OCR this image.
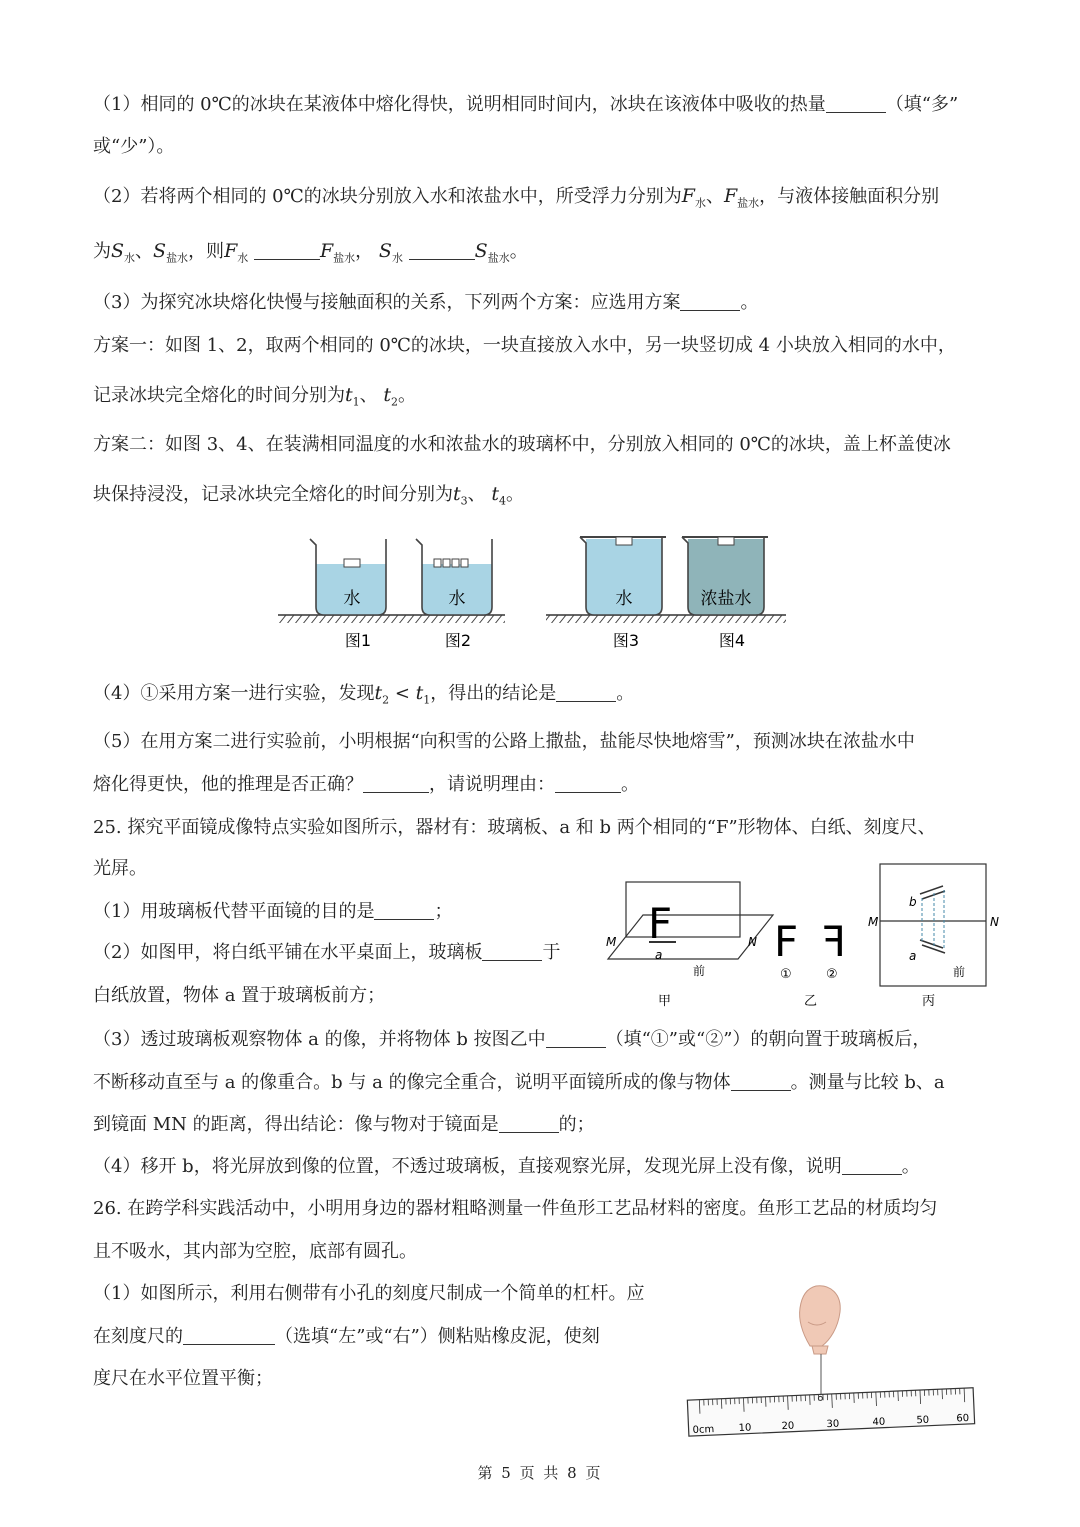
（1）相同的 0℃的冰块在某液体中熔化得快，说明相同时间内，冰块在该液体中吸收的热量	（填“多”
或“少”）。
（2）若将两个相同的 0℃的冰块分别放入水和浓盐水中，所受浮力分别为$F_水$、$F_{盐水}$，与液体接触面积分别
为$S_水$、$S_{盐水}$，则$F_水$	$F_{盐水}$， $S_水$	$S_{盐水}$。
（3）为探究冰块熔化快慢与接触面积的关系，下列两个方案：应选用方案	。
方案一：如图 1、2，取两个相同的 0℃的冰块，一块直接放入水中，另一块竖切成 4 小块放入相同的水中，
记录冰块完全熔化的时间分别为$t_1$、 $t_2$。
方案二：如图 3、4、在装满相同温度的水和浓盐水的玻璃杯中，分别放入相同的 0℃的冰块，盖上杯盖使冰
块保持浸没，记录冰块完全熔化的时间分别为$t_3$、 $t_4$。
水	水	水	浓盐水
图1	图2	图3	图4
（4）①采用方案一进行实验，发现$t_2 < t_1$，得出的结论是	。
（5）在用方案二进行实验前，小明根据“向积雪的公路上撒盐，盐能尽快地熔雪”，预测冰块在浓盐水中
熔化得更快，他的推理是否正确？	，请说明理由：	。
25. 探究平面镜成像特点实验如图所示，器材有：玻璃板、a 和 b 两个相同的“F”形物体、白纸、刻度尺、
光屏。
（1）用玻璃板代替平面镜的目的是	；
（2）如图甲，将白纸平铺在水平桌面上，玻璃板	于
白纸放置，物体 a 置于玻璃板前方；
F
a
M	N
前
甲
F F
①	②
乙
M	N
b
a
前
丙
（3）透过玻璃板观察物体 a 的像，并将物体 b 按图乙中	（填“①”或“②”）的朝向置于玻璃板后，
不断移动直至与 a 的像重合。b 与 a 的像完全重合，说明平面镜所成的像与物体	。测量与比较 b、a
到镜面 MN 的距离，得出结论：像与物对于镜面是	的；
（4）移开 b，将光屏放到像的位置，不透过玻璃板，直接观察光屏，发现光屏上没有像，说明	。
26. 在跨学科实践活动中，小明用身边的器材粗略测量一件鱼形工艺品材料的密度。鱼形工艺品的材质均匀
且不吸水，其内部为空腔，底部有圆孔。
（1）如图所示，利用右侧带有小孔的刻度尺制成一个简单的杠杆。应
在刻度尺的	（选填“左”或“右”）侧粘贴橡皮泥，使刻
度尺在水平位置平衡；
0cm 10	20	30	40	50	60
第 5 页 共 8 页
